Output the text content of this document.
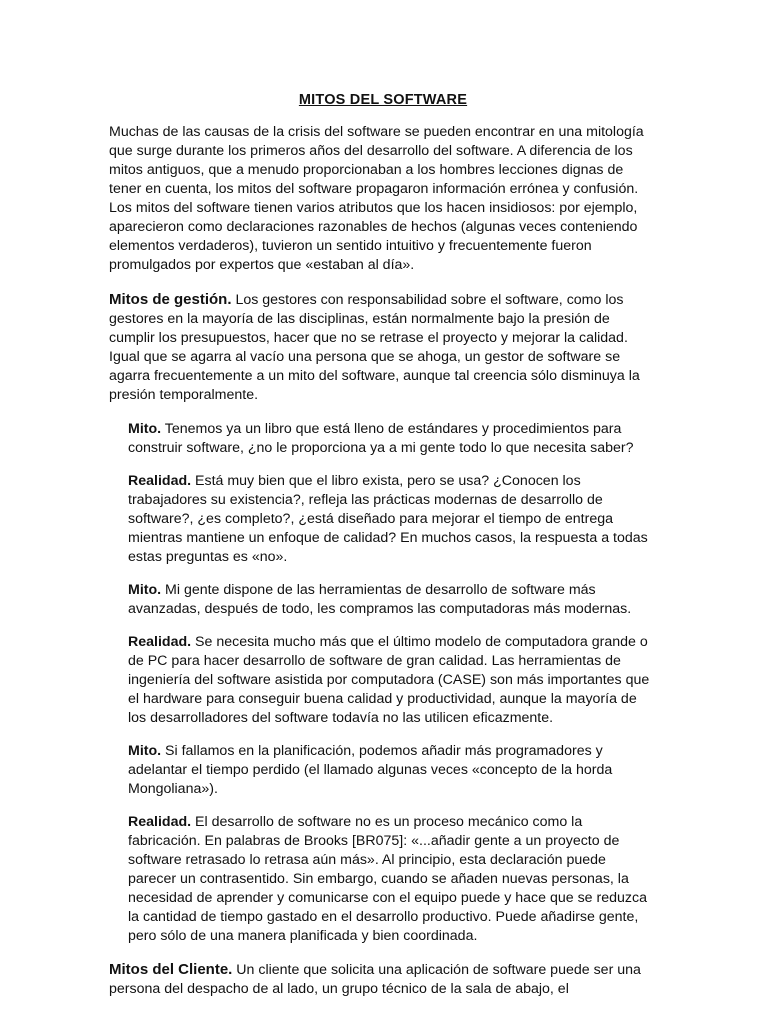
MITOS DEL SOFTWARE

Muchas de las causas de la crisis del software se pueden encontrar en una mitología que surge durante los primeros años del desarrollo del software. A diferencia de los mitos antiguos, que a menudo proporcionaban a los hombres lecciones dignas de tener en cuenta, los mitos del software propagaron información errónea y confusión. Los mitos del software tienen varios atributos que los hacen insidiosos: por ejemplo, aparecieron como declaraciones razonables de hechos (algunas veces conteniendo elementos verdaderos), tuvieron un sentido intuitivo y frecuentemente fueron promulgados por expertos que «estaban al día».

Mitos de gestión. Los gestores con responsabilidad sobre el software, como los gestores en la mayoría de las disciplinas, están normalmente bajo la presión de cumplir los presupuestos, hacer que no se retrase el proyecto y mejorar la calidad. Igual que se agarra al vacío una persona que se ahoga, un gestor de software se agarra frecuentemente a un mito del software, aunque tal creencia sólo disminuya la presión temporalmente.

Mito. Tenemos ya un libro que está lleno de estándares y procedimientos para construir software, ¿no le proporciona ya a mi gente todo lo que necesita saber?

Realidad. Está muy bien que el libro exista, pero se usa? ¿Conocen los trabajadores su existencia?, refleja las prácticas modernas de desarrollo de software?, ¿es completo?, ¿está diseñado para mejorar el tiempo de entrega mientras mantiene un enfoque de calidad? En muchos casos, la respuesta a todas estas preguntas es «no».

Mito. Mi gente dispone de las herramientas de desarrollo de software más avanzadas, después de todo, les compramos las computadoras más modernas.

Realidad. Se necesita mucho más que el último modelo de computadora grande o de PC para hacer desarrollo de software de gran calidad. Las herramientas de ingeniería del software asistida por computadora (CASE) son más importantes que el hardware para conseguir buena calidad y productividad, aunque la mayoría de los desarrolladores del software todavía no las utilicen eficazmente.

Mito. Si fallamos en la planificación, podemos añadir más programadores y adelantar el tiempo perdido (el llamado algunas veces «concepto de la horda Mongoliana»).

Realidad. El desarrollo de software no es un proceso mecánico como la fabricación. En palabras de Brooks [BR075]: «...añadir gente a un proyecto de software retrasado lo retrasa aún más». Al principio, esta declaración puede parecer un contrasentido. Sin embargo, cuando se añaden nuevas personas, la necesidad de aprender y comunicarse con el equipo puede y hace que se reduzca la cantidad de tiempo gastado en el desarrollo productivo. Puede añadirse gente, pero sólo de una manera planificada y bien coordinada.

Mitos del Cliente. Un cliente que solicita una aplicación de software puede ser una persona del despacho de al lado, un grupo técnico de la sala de abajo, el
